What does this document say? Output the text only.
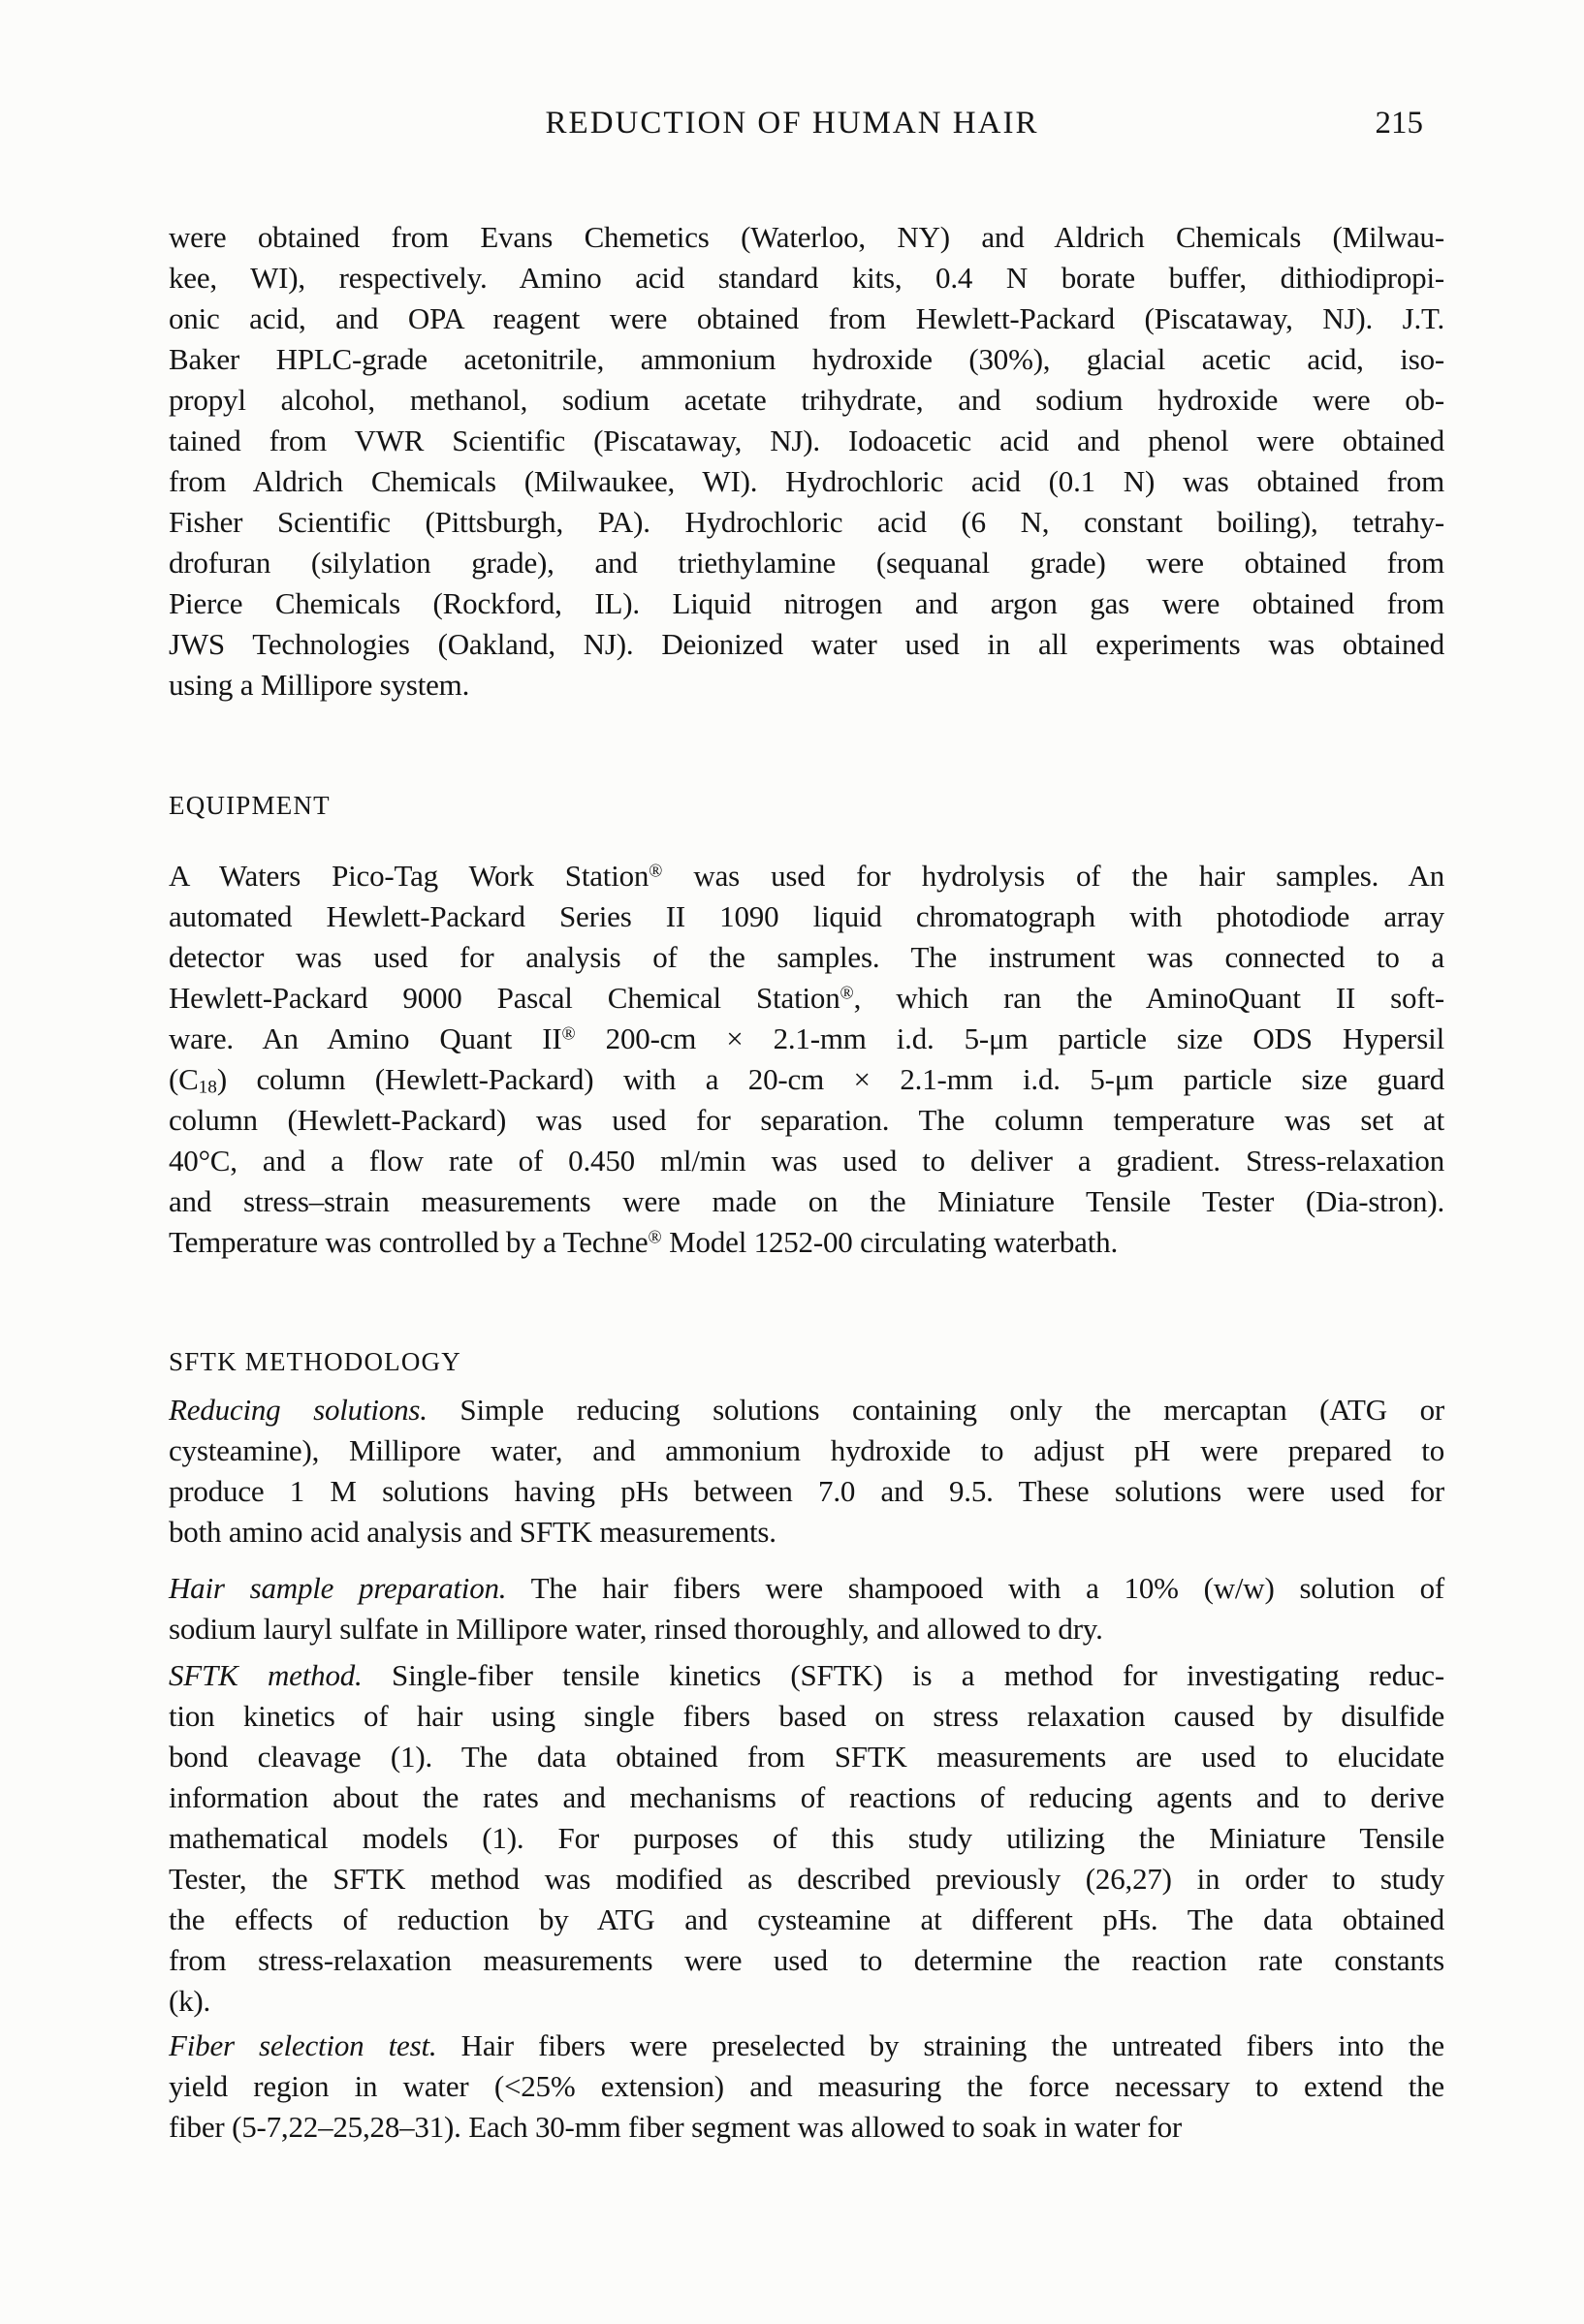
REDUCTION OF HUMAN HAIR	215
were obtained from Evans Chemetics (Waterloo, NY) and Aldrich Chemicals (Milwau-
kee, WI), respectively. Amino acid standard kits, 0.4 N borate buffer, dithiodipropi-
onic acid, and OPA reagent were obtained from Hewlett-Packard (Piscataway, NJ). J.T.
Baker HPLC-grade acetonitrile, ammonium hydroxide (30%), glacial acetic acid, iso-
propyl alcohol, methanol, sodium acetate trihydrate, and sodium hydroxide were ob-
tained from VWR Scientific (Piscataway, NJ). Iodoacetic acid and phenol were obtained
from Aldrich Chemicals (Milwaukee, WI). Hydrochloric acid (0.1 N) was obtained from
Fisher Scientific (Pittsburgh, PA). Hydrochloric acid (6 N, constant boiling), tetrahy-
drofuran (silylation grade), and triethylamine (sequanal grade) were obtained from
Pierce Chemicals (Rockford, IL). Liquid nitrogen and argon gas were obtained from
JWS Technologies (Oakland, NJ). Deionized water used in all experiments was obtained
using a Millipore system.
EQUIPMENT
A Waters Pico-Tag Work Station® was used for hydrolysis of the hair samples. An
automated Hewlett-Packard Series II 1090 liquid chromatograph with photodiode array
detector was used for analysis of the samples. The instrument was connected to a
Hewlett-Packard 9000 Pascal Chemical Station®, which ran the AminoQuant II soft-
ware. An Amino Quant II® 200-cm × 2.1-mm i.d. 5-μm particle size ODS Hypersil
$(C_{18})$ column (Hewlett-Packard) with a 20-cm × 2.1-mm i.d. 5-μm particle size guard
column (Hewlett-Packard) was used for separation. The column temperature was set at
40°C, and a flow rate of 0.450 ml/min was used to deliver a gradient. Stress-relaxation
and stress–strain measurements were made on the Miniature Tensile Tester (Dia-stron).
Temperature was controlled by a Techne® Model 1252-00 circulating waterbath.
SFTK METHODOLOGY
Reducing solutions. Simple reducing solutions containing only the mercaptan (ATG or
cysteamine), Millipore water, and ammonium hydroxide to adjust pH were prepared to
produce 1 M solutions having pHs between 7.0 and 9.5. These solutions were used for
both amino acid analysis and SFTK measurements.
Hair sample preparation. The hair fibers were shampooed with a 10% (w/w) solution of
sodium lauryl sulfate in Millipore water, rinsed thoroughly, and allowed to dry.
SFTK method. Single-fiber tensile kinetics (SFTK) is a method for investigating reduc-
tion kinetics of hair using single fibers based on stress relaxation caused by disulfide
bond cleavage (1). The data obtained from SFTK measurements are used to elucidate
information about the rates and mechanisms of reactions of reducing agents and to derive
mathematical models (1). For purposes of this study utilizing the Miniature Tensile
Tester, the SFTK method was modified as described previously (26,27) in order to study
the effects of reduction by ATG and cysteamine at different pHs. The data obtained
from stress-relaxation measurements were used to determine the reaction rate constants
(k).
Fiber selection test. Hair fibers were preselected by straining the untreated fibers into the
yield region in water (<25% extension) and measuring the force necessary to extend the
fiber (5-7,22–25,28–31). Each 30-mm fiber segment was allowed to soak in water for
